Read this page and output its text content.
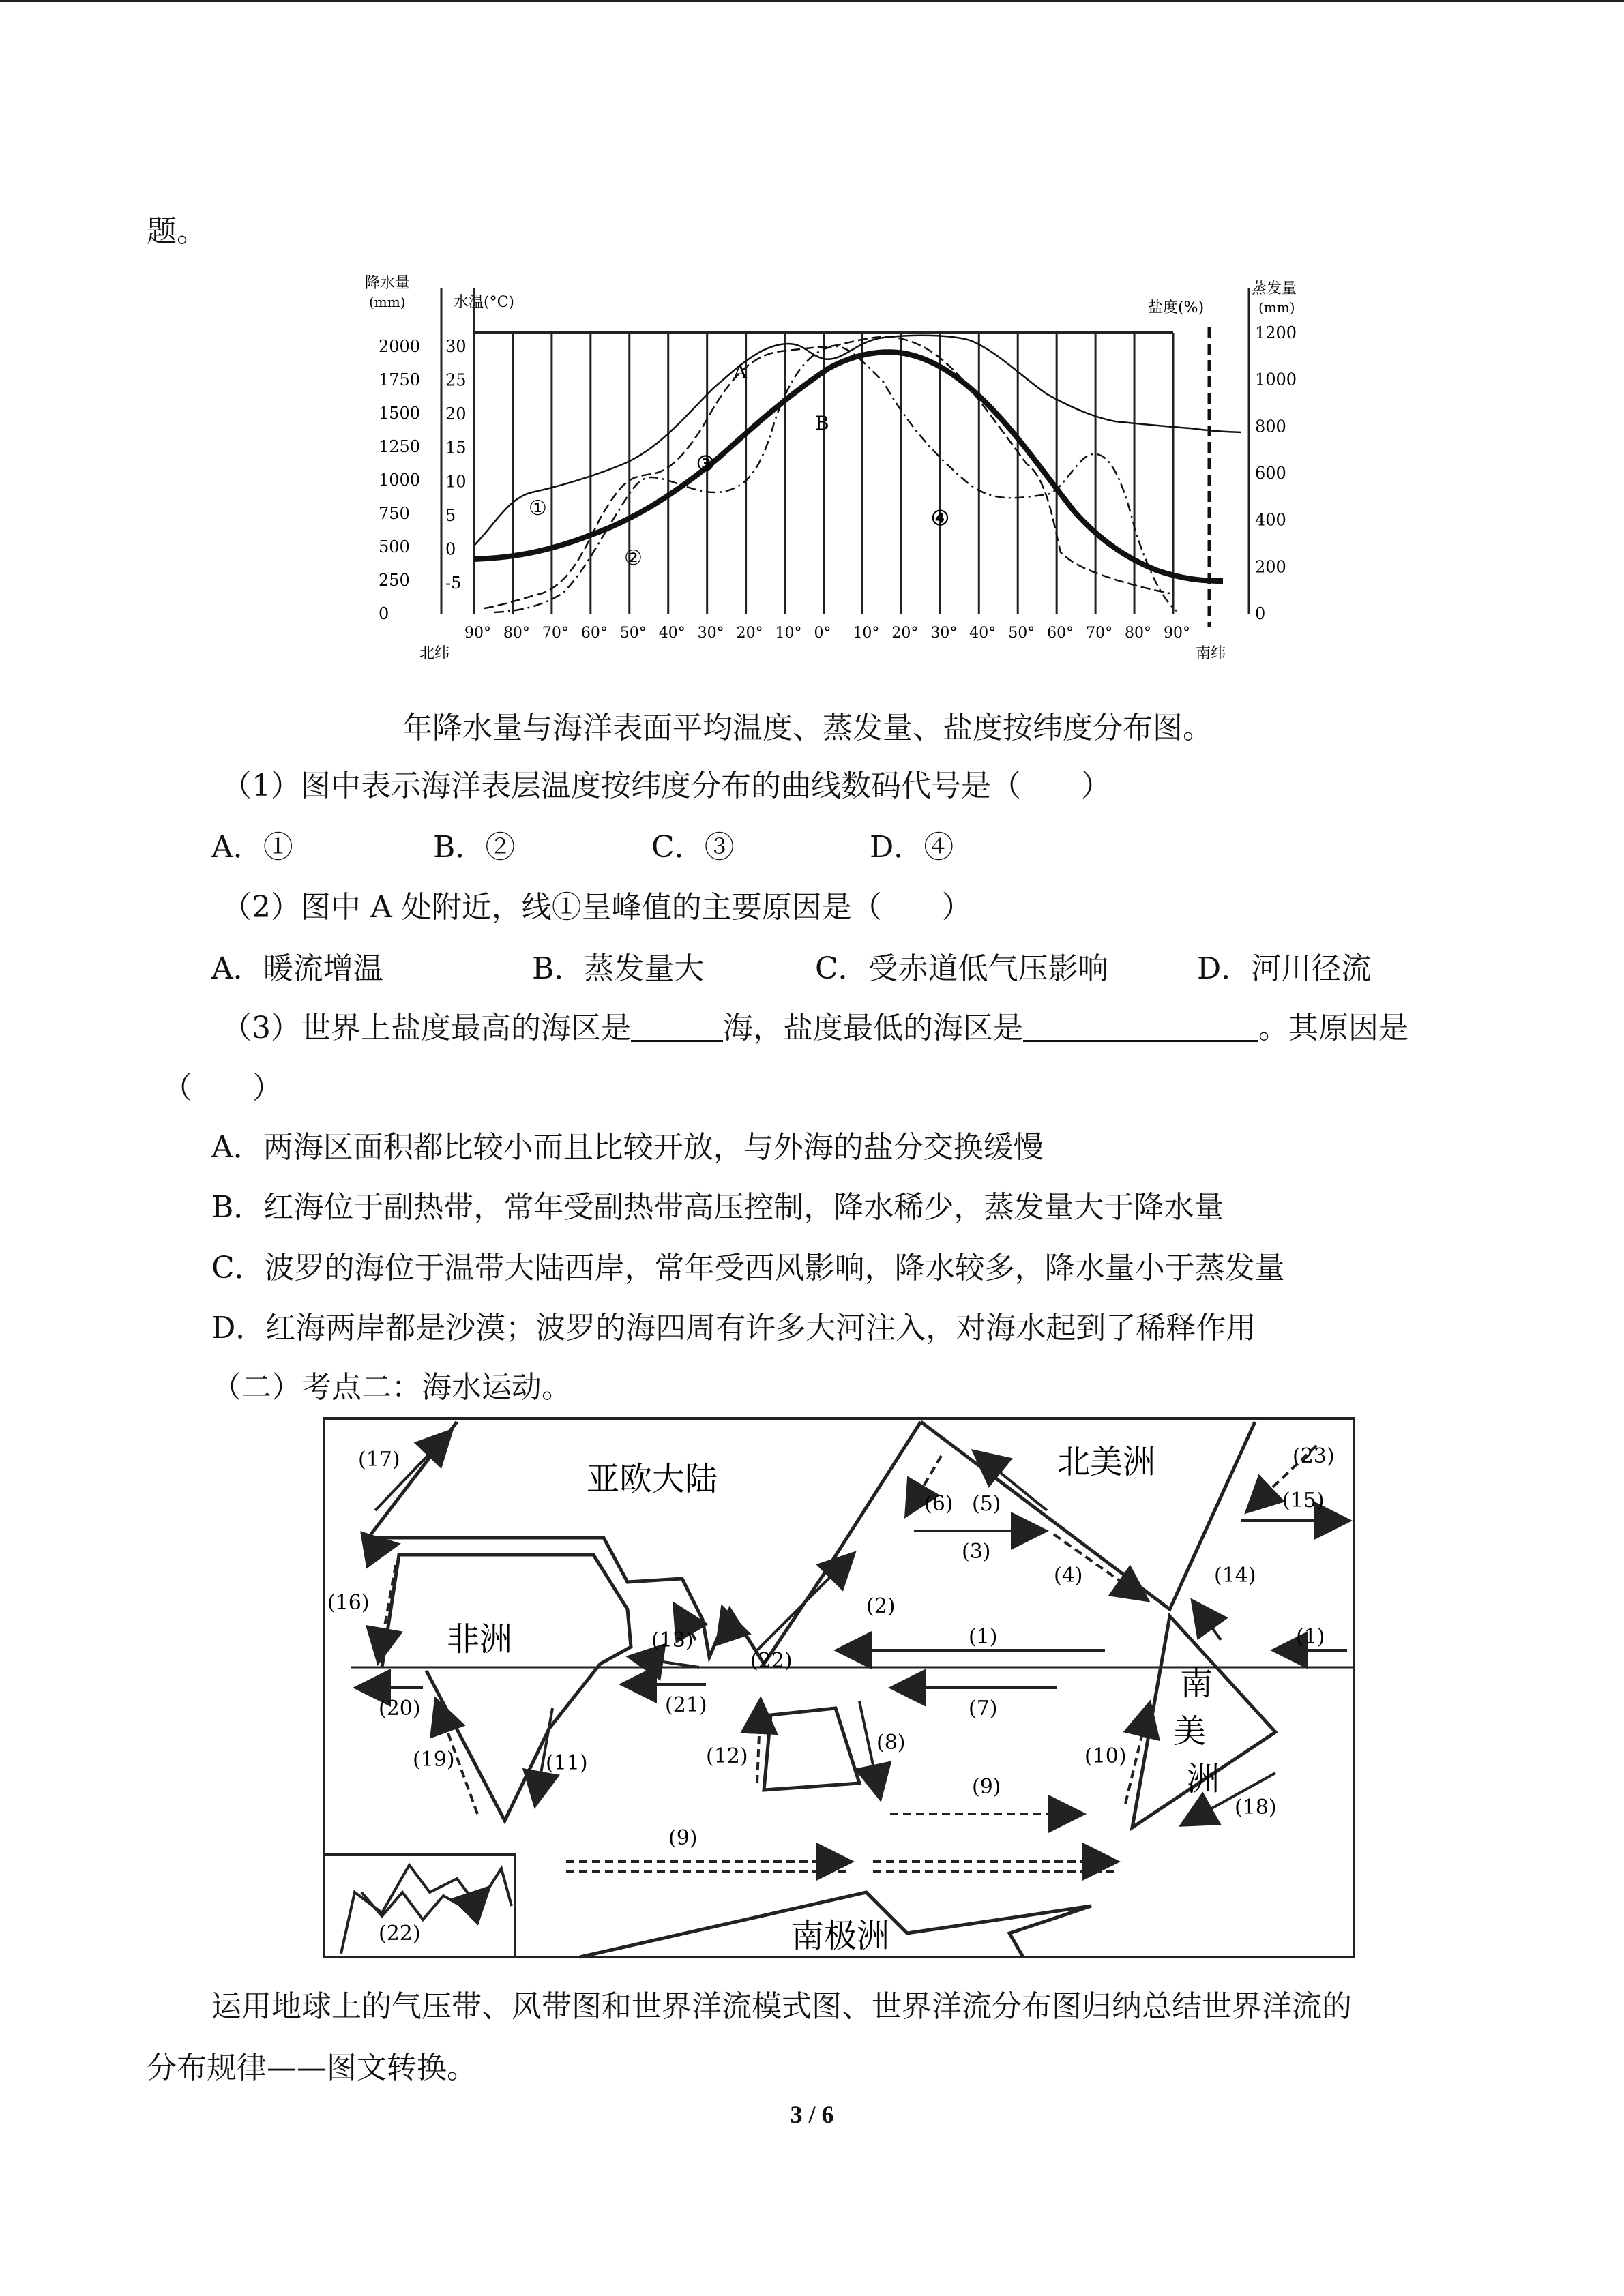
题。
降水量
(mm)	水温(°C)	盐度(%)
蒸发量
(mm)
2000
1750
1500
1250
1000
750
500
250
0
30
25
20
15
10
5
0
-5
1200
1000
800
600
400
200
0
90° 80° 70° 60° 50° 40° 30° 20° 10° 0° 10° 20° 30° 40° 50° 60° 70° 80° 90°
北纬	南纬
A
B
①
②
③
④
年降水量与海洋表面平均温度、蒸发量、盐度按纬度分布图。
（1）图中表示海洋表层温度按纬度分布的曲线数码代号是（　　）
A．①	B．②	C．③	D．④
（2）图中 A 处附近，线①呈峰值的主要原因是（　　）
A．暖流增温	B．蒸发量大	C．受赤道低气压影响	D．河川径流
（3）世界上盐度最高的海区是	海，盐度最低的海区是	。其原因是
（　　）
A．两海区面积都比较小而且比较开放，与外海的盐分交换缓慢
B．红海位于副热带，常年受副热带高压控制，降水稀少，蒸发量大于降水量
C．波罗的海位于温带大陆西岸，常年受西风影响，降水较多，降水量小于蒸发量
D．红海两岸都是沙漠；波罗的海四周有许多大河注入，对海水起到了稀释作用
（二）考点二：海水运动。
亚欧大陆
非洲
北美洲
南
美
洲
南极洲
(1)	(1)
(2)
(3)
(4)
(5)
(6)
(7)
(8)
(9)
(9)
(10)
(11)	(12)
(13)
(14)
(15)
(16)
(17)
(18)
(19)
(20)	(21)
(22)
(22)
(23)
运用地球上的气压带、风带图和世界洋流模式图、世界洋流分布图归纳总结世界洋流的
分布规律——图文转换。
3 / 6
